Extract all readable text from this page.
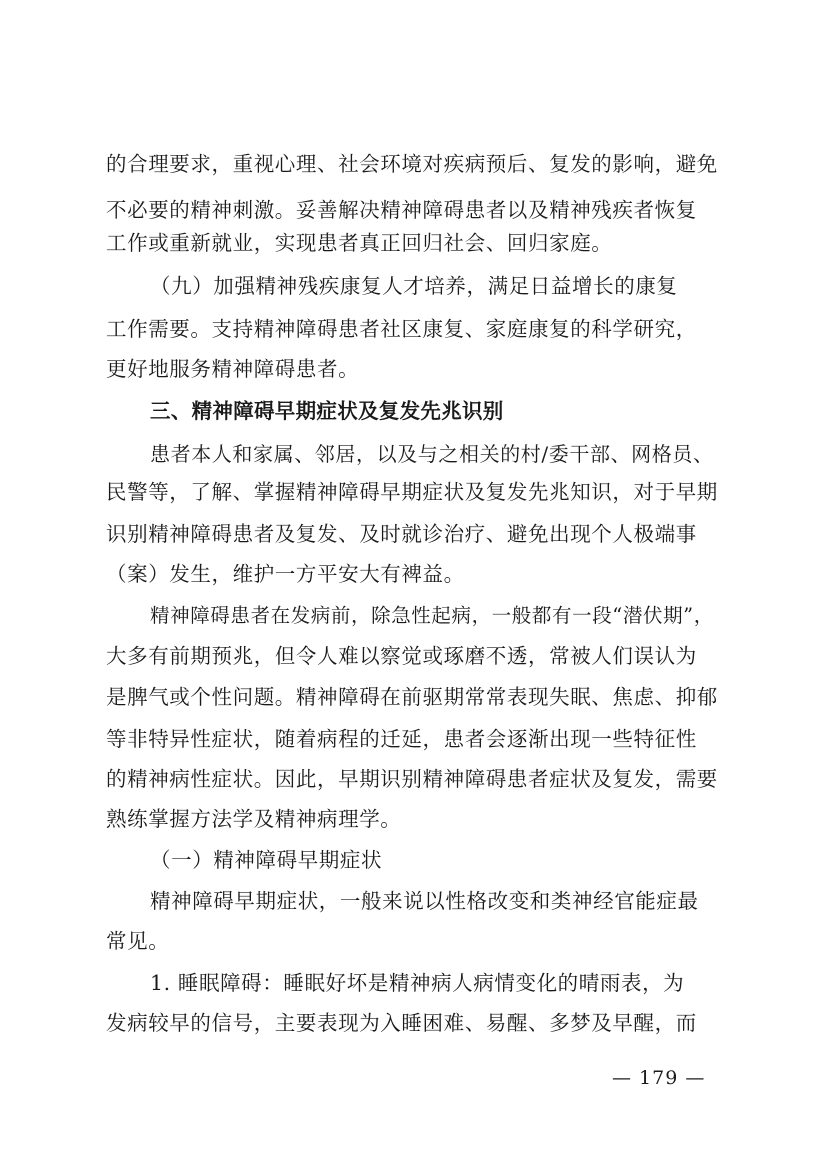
的合理要求，重视心理、社会环境对疾病预后、复发的影响，避免
不必要的精神刺激。妥善解决精神障碍患者以及精神残疾者恢复
工作或重新就业，实现患者真正回归社会、回归家庭。
（九）加强精神残疾康复人才培养，满足日益增长的康复
工作需要。支持精神障碍患者社区康复、家庭康复的科学研究，
更好地服务精神障碍患者。
三、精神障碍早期症状及复发先兆识别
患者本人和家属、邻居，以及与之相关的村/委干部、网格员、
民警等，了解、掌握精神障碍早期症状及复发先兆知识，对于早期
识别精神障碍患者及复发、及时就诊治疗、避免出现个人极端事
（案）发生，维护一方平安大有裨益。
精神障碍患者在发病前，除急性起病，一般都有一段“潜伏期”，
大多有前期预兆，但令人难以察觉或琢磨不透，常被人们误认为
是脾气或个性问题。精神障碍在前驱期常常表现失眠、焦虑、抑郁
等非特异性症状，随着病程的迁延，患者会逐渐出现一些特征性
的精神病性症状。因此，早期识别精神障碍患者症状及复发，需要
熟练掌握方法学及精神病理学。
（一）精神障碍早期症状
精神障碍早期症状，一般来说以性格改变和类神经官能症最
常见。
1. 睡眠障碍：睡眠好坏是精神病人病情变化的晴雨表，为
发病较早的信号，主要表现为入睡困难、易醒、多梦及早醒，而
— 179 —
